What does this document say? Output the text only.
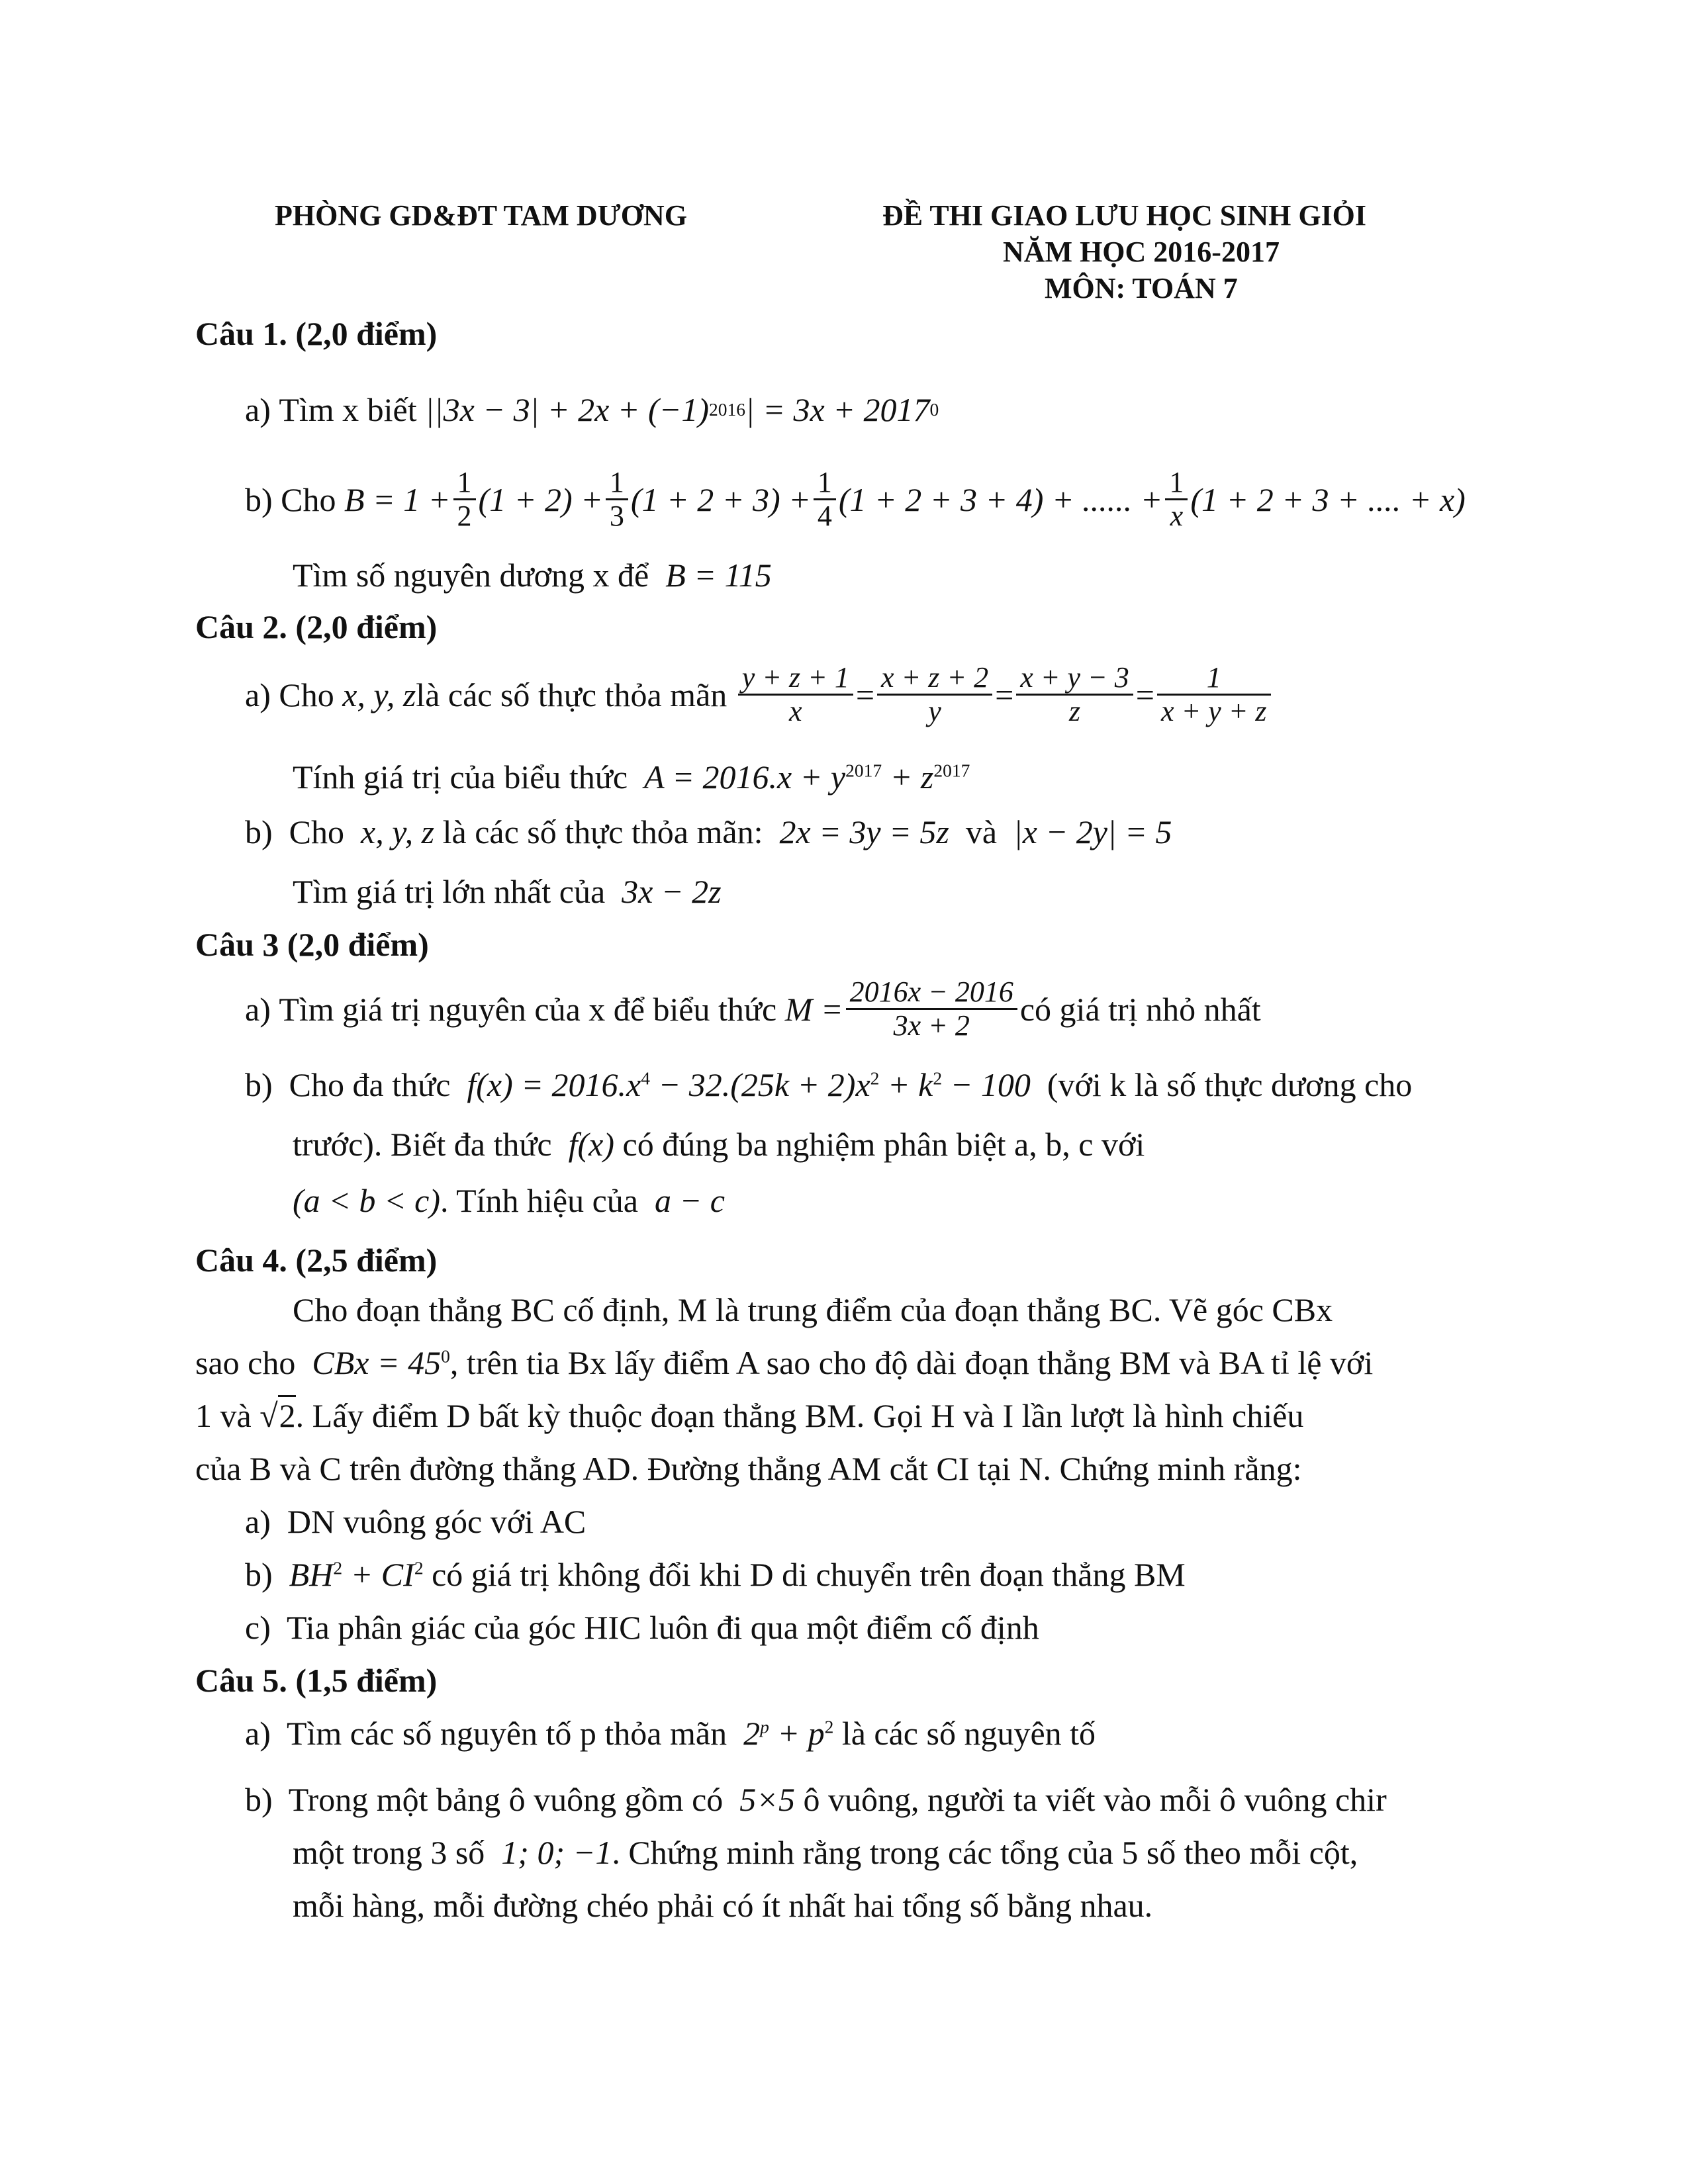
PHÒNG GD&ĐT TAM DƯƠNG	ĐỀ THI GIAO LƯU HỌC SINH GIỎI
NĂM HỌC 2016-2017
MÔN: TOÁN 7
Câu 1. (2,0 điểm)
a)
Tìm x biết
||3x − 3| + 2x + (−1) 2016 | = 3x + 2017 0
b)
Cho
$B = 1 + \frac{1}{2} (1 + 2) + \frac{1}{3} (1 + 2 + 3) + \frac{1}{4} (1 + 2 + 3 + 4)$ + ...... + $\frac{1}{x} (1 + 2 + 3$ + .... + x)
Tìm số nguyên dương x để B = 115
Câu 2. (2,0 điểm)
a)
Cho
x, y, z là các số thực thỏa mãn
$\frac{y + z + 1}{x} = \frac{x + z + 2}{y} = \frac{x + y - 3}{z} = \frac{1}{x + y + z}$
Tính giá trị của biểu thức $A = 2016.x + y^{2017} + z^{2017}$
b) Cho x, y, z là các số thực thỏa mãn: 2x = 3y = 5z và |x − 2y| = 5
Tìm giá trị lớn nhất của 3x − 2z
Câu 3 (2,0 điểm)
a)
Tìm giá trị nguyên của x để biểu thức
$M = \frac{2016x - 2016}{3x + 2}$ có giá trị nhỏ nhất
b) Cho đa thức $f(x) = 2016.x^4 - 32.(25k + 2)x^2 + k^2 - 100$ (với k là số thực dương cho
trước). Biết đa thức f(x) có đúng ba nghiệm phân biệt a, b, c với
(a < b < c). Tính hiệu của a − c
Câu 4. (2,5 điểm)
Cho đoạn thẳng BC cố định, M là trung điểm của đoạn thẳng BC. Vẽ góc CBx
sao cho CBx = $45^0$, trên tia Bx lấy điểm A sao cho độ dài đoạn thẳng BM và BA tỉ lệ với
1 và √2. Lấy điểm D bất kỳ thuộc đoạn thẳng BM. Gọi H và I lần lượt là hình chiếu
của B và C trên đường thẳng AD. Đường thẳng AM cắt CI tại N. Chứng minh rằng:
a) DN vuông góc với AC
b) $BH^2 + CI^2$ có giá trị không đổi khi D di chuyển trên đoạn thẳng BM
c) Tia phân giác của góc HIC luôn đi qua một điểm cố định
Câu 5. (1,5 điểm)
a) Tìm các số nguyên tố p thỏa mãn $2^p + p^2$ là các số nguyên tố
b) Trong một bảng ô vuông gồm có 5×5 ô vuông, người ta viết vào mỗi ô vuông chir
một trong 3 số 1; 0; −1. Chứng minh rằng trong các tổng của 5 số theo mỗi cột,
mỗi hàng, mỗi đường chéo phải có ít nhất hai tổng số bằng nhau.
